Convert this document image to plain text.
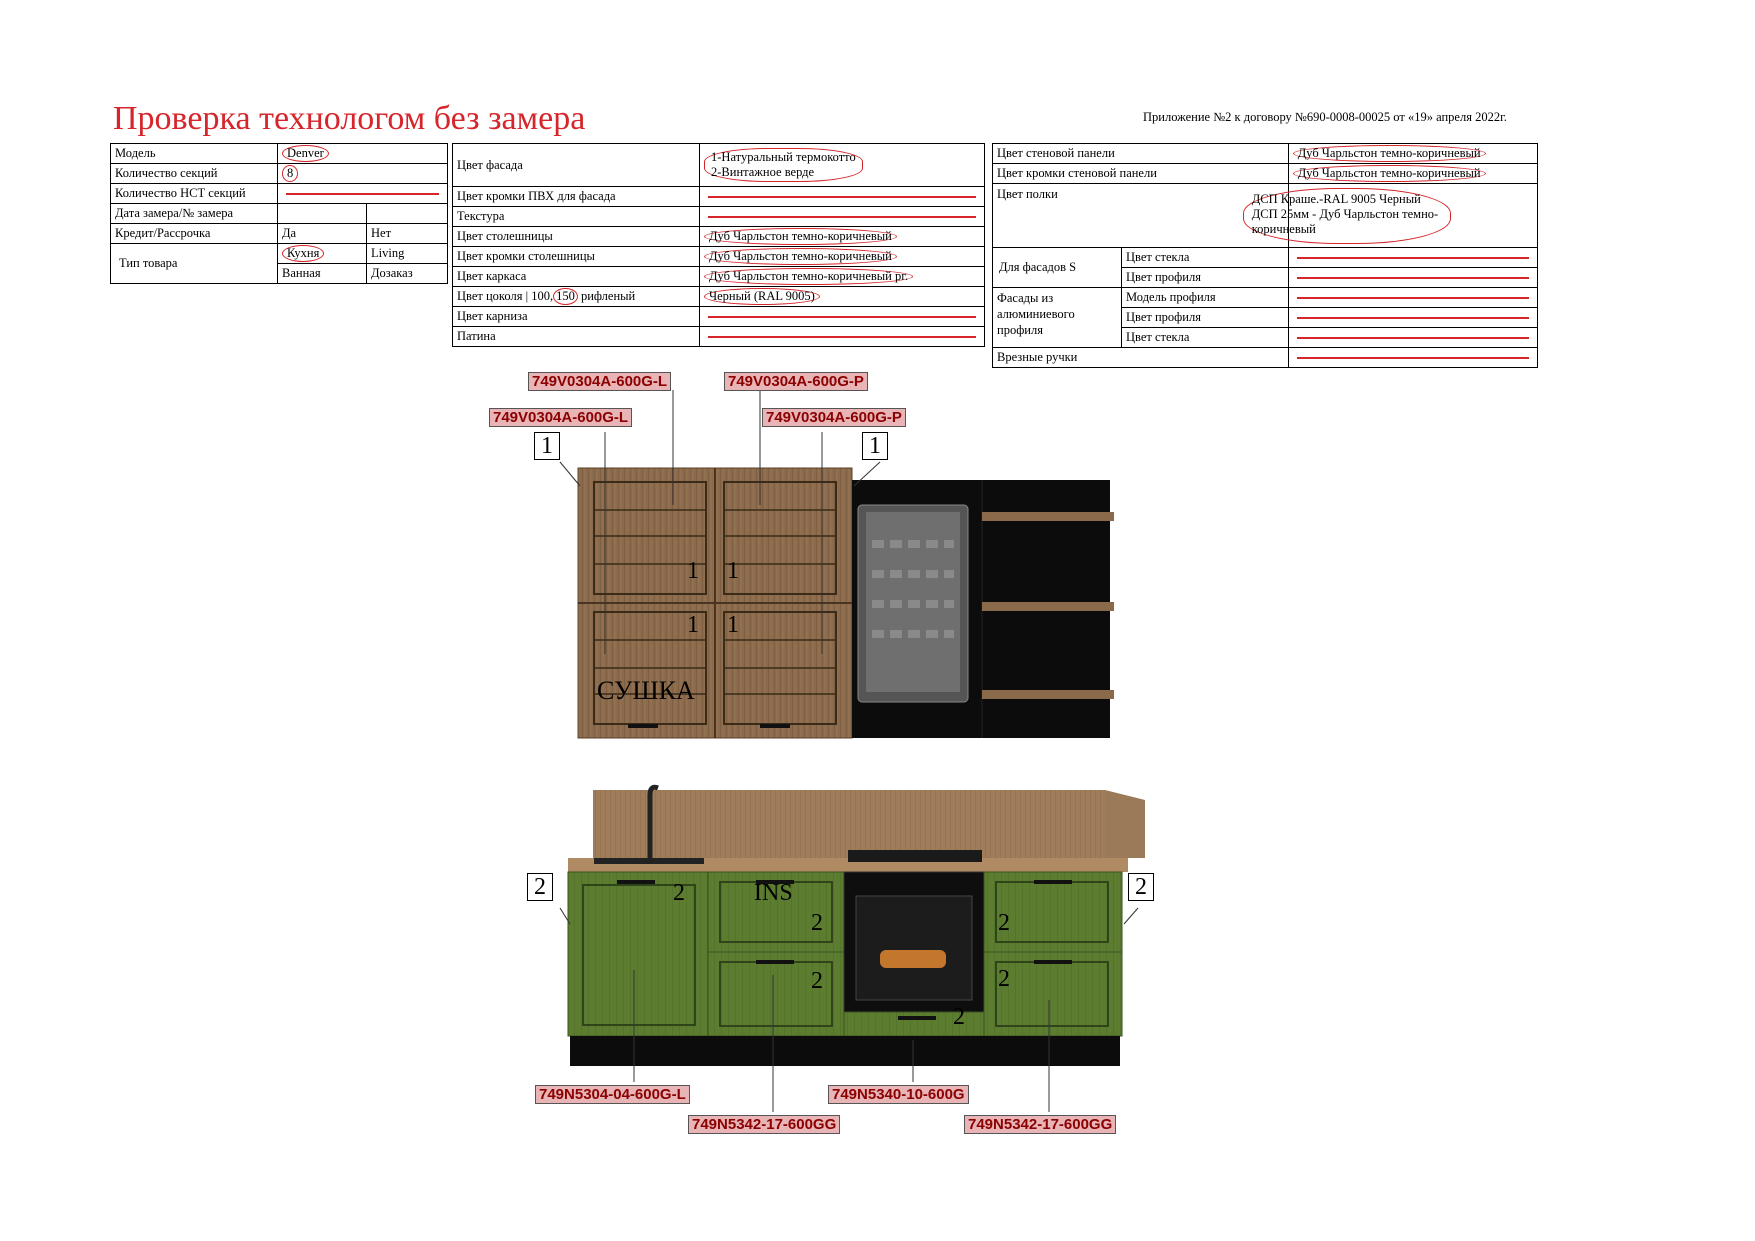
Проверка технологом без замера	Приложение №2 к договору №690-0008-00025 от «19» апреля 2022г.
Модель	Denver	
Количество секций	8	
Количество НСТ секций		

Дата замера/№ замера		
Кредит/Рассрочка	Да	Нет
Тип товара	Кухня	Living
	Ванная	Дозаказ
Цвет фасада	1-Натуральный термокотто
2-Винтажное верде
Цвет кромки ПВХ для фасада	

Текстура	

Цвет столешницы	Дуб Чарльстон темно-коричневый
Цвет кромки столешницы	Дуб Чарльстон темно-коричневый
Цвет каркаса	Дуб Чарльстон темно-коричневый рг.
Цвет цоколя | 100, 150 рифленый	Черный (RAL 9005)
Цвет карниза	

Патина	
Цвет стеновой панели		Дуб Чарльстон темно-коричневый
Цвет кромки стеновой панели		Дуб Чарльстон темно-коричневый
Цвет полки		ДСП Краше.-RAL 9005 Черный
ДСП 25мм - Дуб Чарльстон темно-
коричневый
Для фасадов S	Цвет стекла	

	Цвет профиля	

Фасады из
алюминиевого
профиля	Модель профиля	

	Цвет профиля	

	Цвет стекла	

Врезные ручки		
749V0304A-600G-L	749V0304A-600G-P
749V0304A-600G-L	749V0304A-600G-P
1	1
1 1
1 1
СУШКА
2	2
2	INS
2
2
2
2
2
749N5304-04-600G-L
749N5342-17-600GG
749N5340-10-600G
749N5342-17-600GG
